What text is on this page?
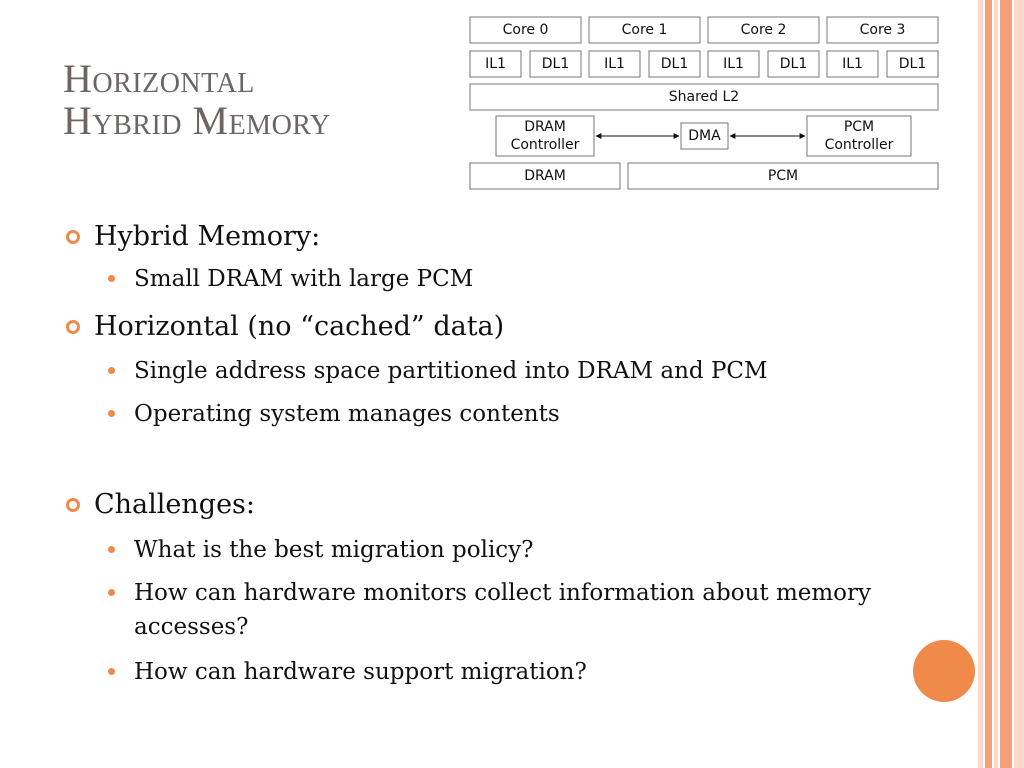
Horizontal
Hybrid Memory
Core 0	Core 1	Core 2	Core 3
IL1	DL1 IL1	DL1 IL1	DL1 IL1	DL1
Shared L2
DRAM
Controller
DMA
PCM
Controller
DRAM	PCM
Hybrid Memory:
Small DRAM with large PCM
Horizontal (no “cached” data)
Single address space partitioned into DRAM and PCM
Operating system manages contents
Challenges:
What is the best migration policy?
How can hardware monitors collect information about memory accesses?
How can hardware support migration?
